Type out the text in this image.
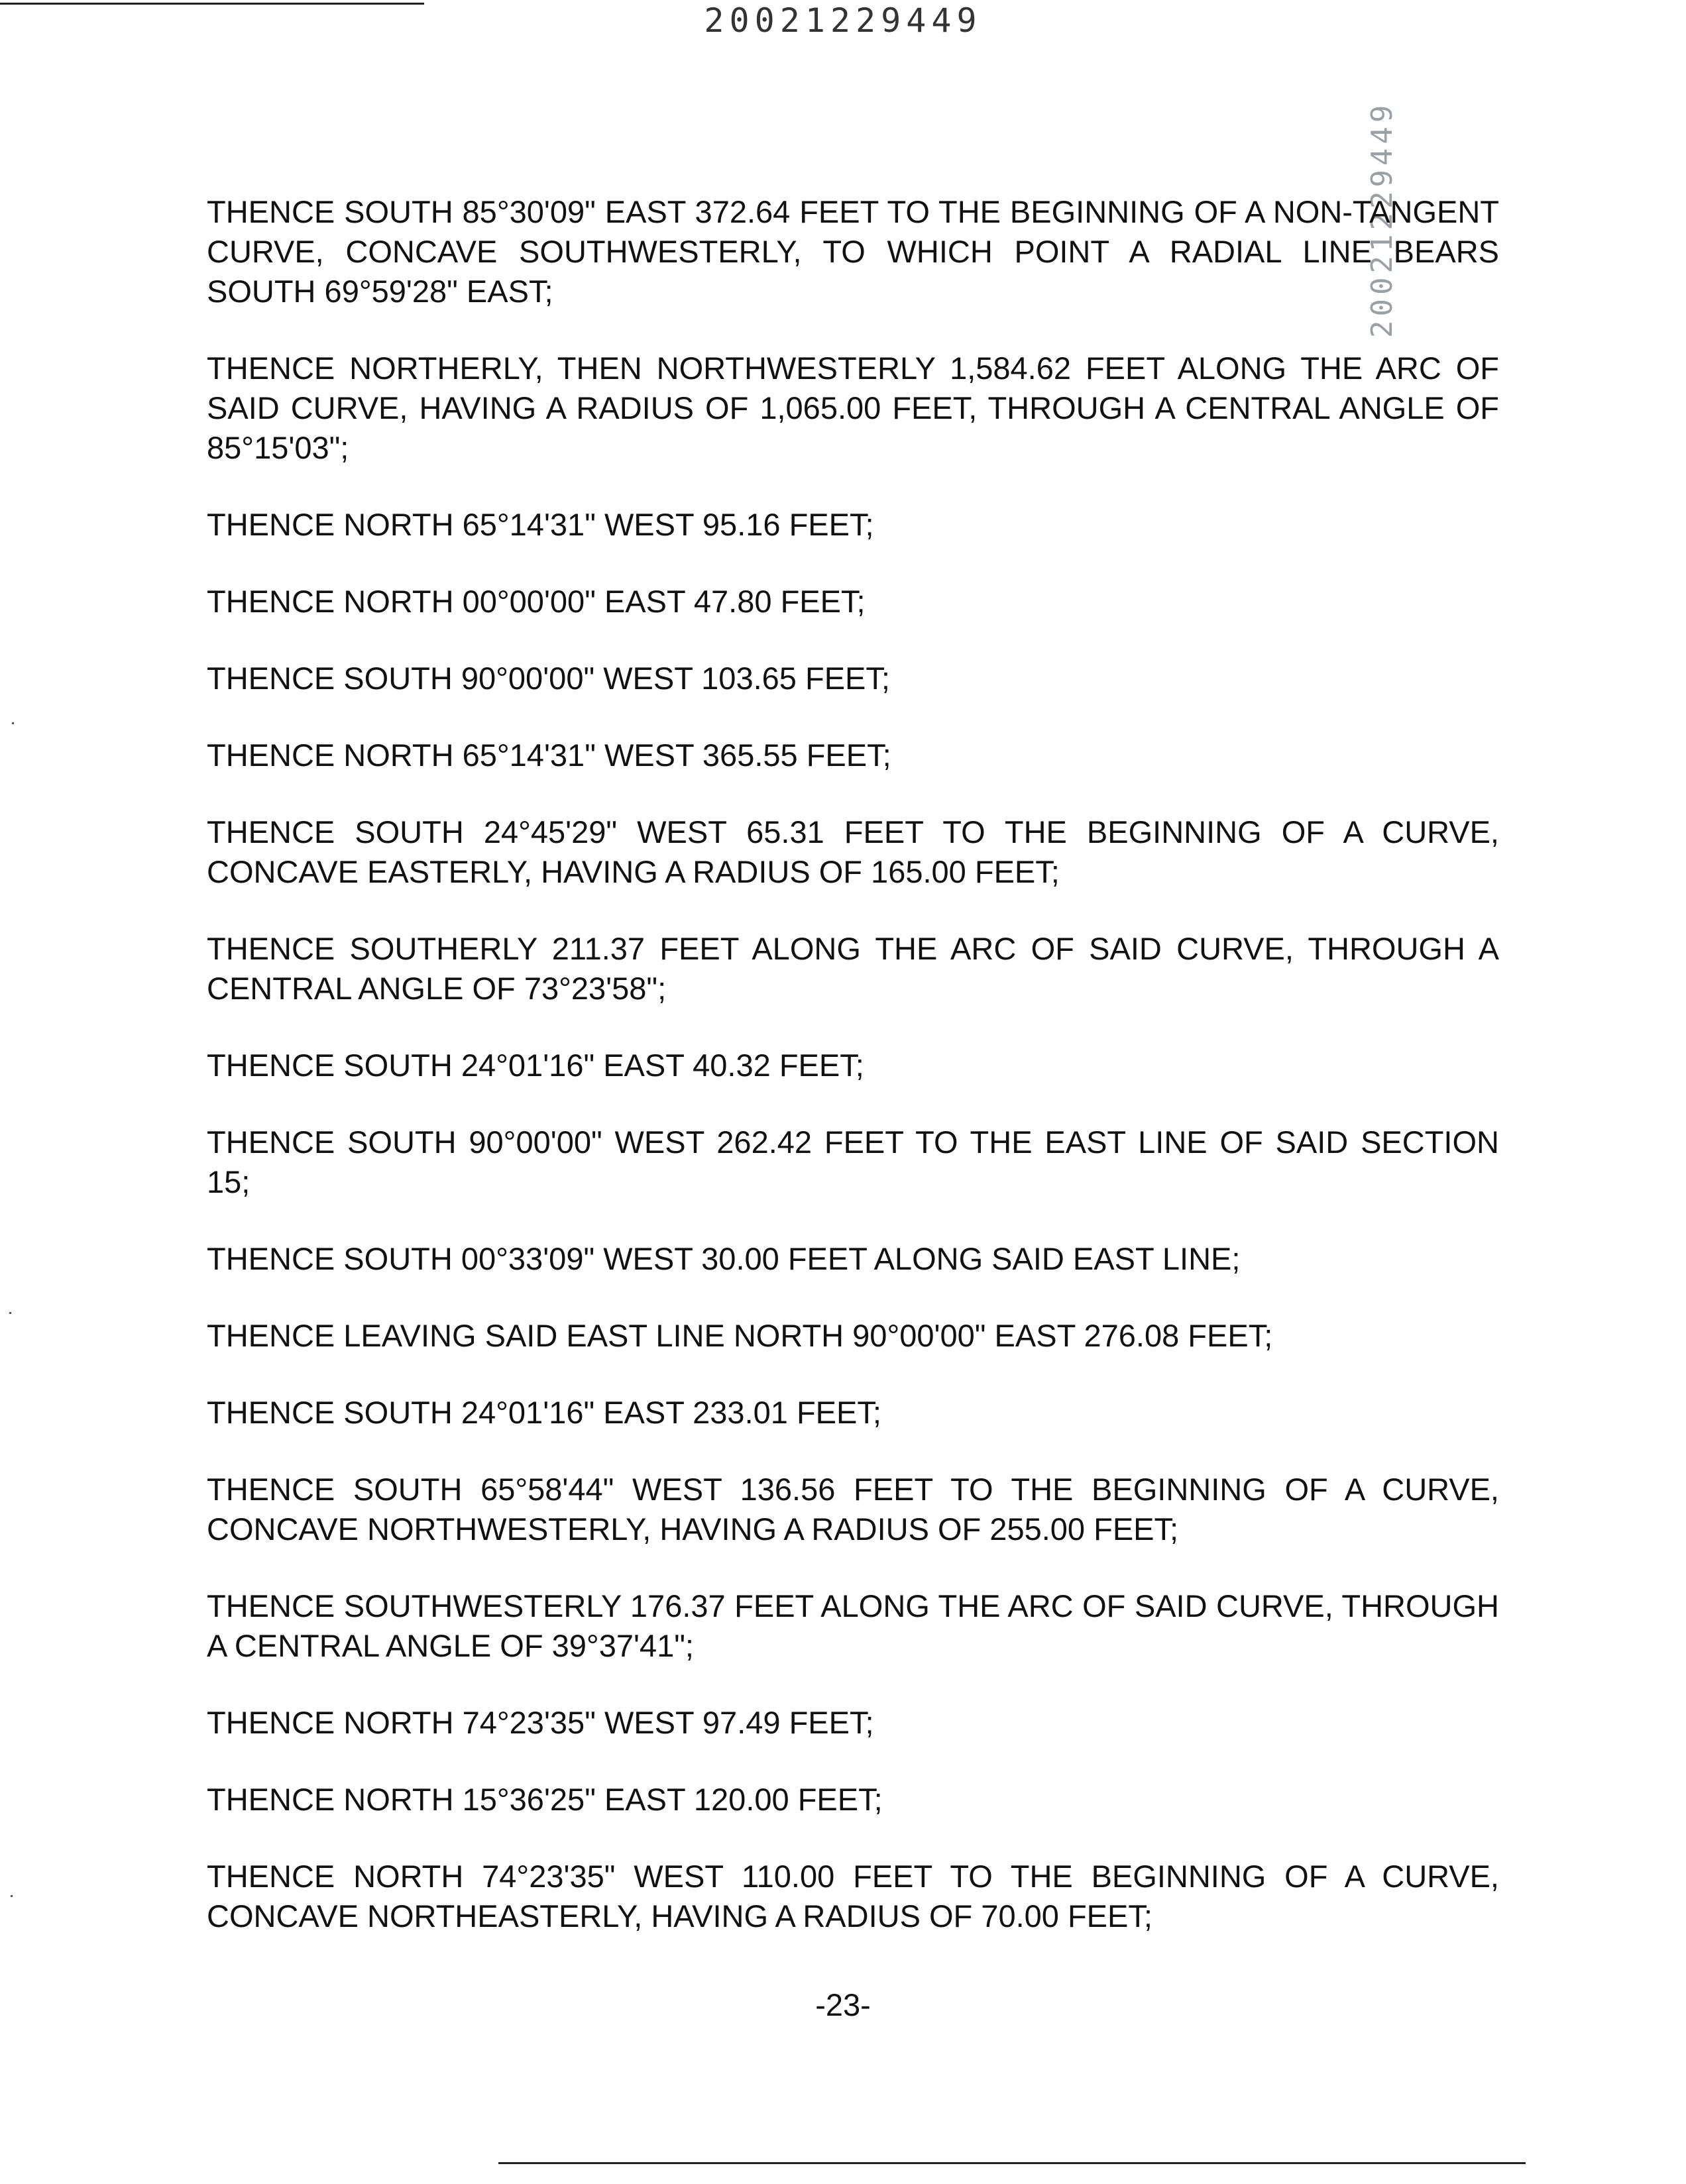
20021229449
20021229449

THENCE SOUTH 85°30'09" EAST 372.64 FEET TO THE BEGINNING OF A NON-TANGENT CURVE, CONCAVE SOUTHWESTERLY, TO WHICH POINT A RADIAL LINE BEARS SOUTH 69°59'28" EAST;

THENCE NORTHERLY, THEN NORTHWESTERLY 1,584.62 FEET ALONG THE ARC OF SAID CURVE, HAVING A RADIUS OF 1,065.00 FEET, THROUGH A CENTRAL ANGLE OF 85°15'03";

THENCE NORTH 65°14'31" WEST 95.16 FEET;

THENCE NORTH 00°00'00" EAST 47.80 FEET;

THENCE SOUTH 90°00'00" WEST 103.65 FEET;

THENCE NORTH 65°14'31" WEST 365.55 FEET;

THENCE SOUTH 24°45'29" WEST 65.31 FEET TO THE BEGINNING OF A CURVE, CONCAVE EASTERLY, HAVING A RADIUS OF 165.00 FEET;

THENCE SOUTHERLY 211.37 FEET ALONG THE ARC OF SAID CURVE, THROUGH A CENTRAL ANGLE OF 73°23'58";

THENCE SOUTH 24°01'16" EAST 40.32 FEET;

THENCE SOUTH 90°00'00" WEST 262.42 FEET TO THE EAST LINE OF SAID SECTION 15;

THENCE SOUTH 00°33'09" WEST 30.00 FEET ALONG SAID EAST LINE;

THENCE LEAVING SAID EAST LINE NORTH 90°00'00" EAST 276.08 FEET;

THENCE SOUTH 24°01'16" EAST 233.01 FEET;

THENCE SOUTH 65°58'44" WEST 136.56 FEET TO THE BEGINNING OF A CURVE, CONCAVE NORTHWESTERLY, HAVING A RADIUS OF 255.00 FEET;

THENCE SOUTHWESTERLY 176.37 FEET ALONG THE ARC OF SAID CURVE, THROUGH A CENTRAL ANGLE OF 39°37'41";

THENCE NORTH 74°23'35" WEST 97.49 FEET;

THENCE NORTH 15°36'25" EAST 120.00 FEET;

THENCE NORTH 74°23'35" WEST 110.00 FEET TO THE BEGINNING OF A CURVE, CONCAVE NORTHEASTERLY, HAVING A RADIUS OF 70.00 FEET;

-23-
